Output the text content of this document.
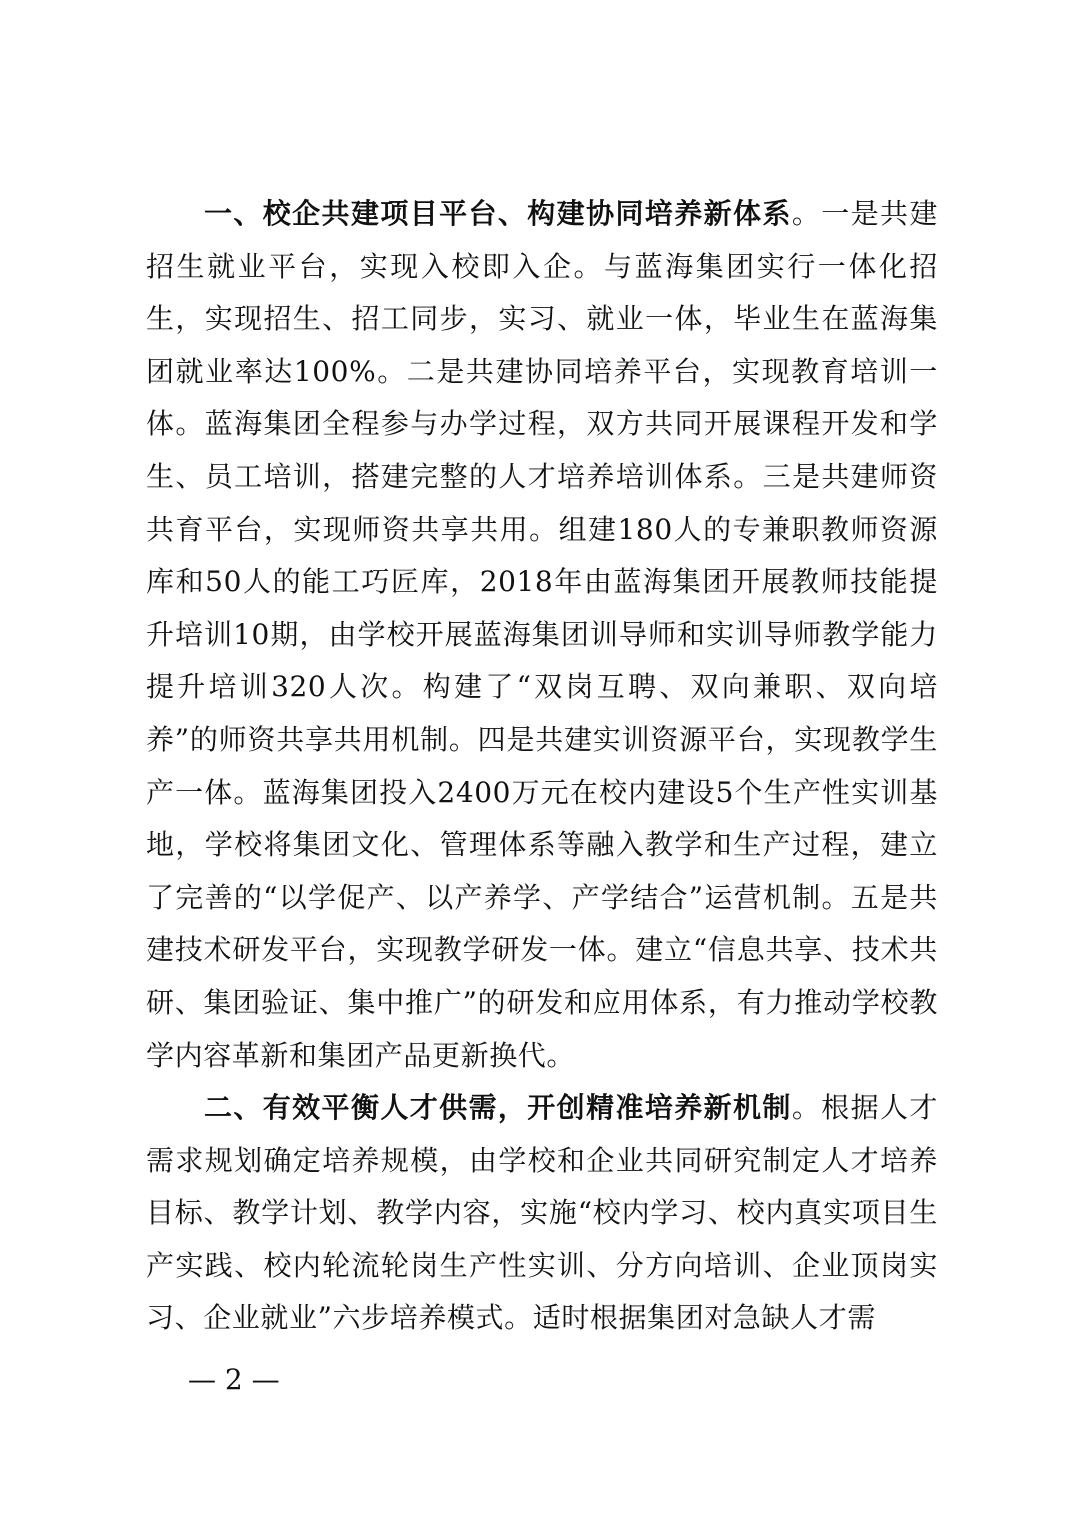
一、校企共建项目平台、构建协同培养新体系。一是共建招生就业平台，实现入校即入企。与蓝海集团实行一体化招生，实现招生、招工同步，实习、就业一体，毕业生在蓝海集团就业率达100%。二是共建协同培养平台，实现教育培训一体。蓝海集团全程参与办学过程，双方共同开展课程开发和学生、员工培训，搭建完整的人才培养培训体系。三是共建师资共育平台，实现师资共享共用。组建180人的专兼职教师资源库和50人的能工巧匠库，2018年由蓝海集团开展教师技能提升培训10期，由学校开展蓝海集团训导师和实训导师教学能力提升培训320人次。构建了“双岗互聘、双向兼职、双向培养”的师资共享共用机制。四是共建实训资源平台，实现教学生产一体。蓝海集团投入2400万元在校内建设5个生产性实训基地，学校将集团文化、管理体系等融入教学和生产过程，建立了完善的“以学促产、以产养学、产学结合”运营机制。五是共建技术研发平台，实现教学研发一体。建立“信息共享、技术共研、集团验证、集中推广”的研发和应用体系，有力推动学校教学内容革新和集团产品更新换代。

二、有效平衡人才供需，开创精准培养新机制。根据人才需求规划确定培养规模，由学校和企业共同研究制定人才培养目标、教学计划、教学内容，实施“校内学习、校内真实项目生产实践、校内轮流轮岗生产性实训、分方向培训、企业顶岗实习、企业就业”六步培养模式。适时根据集团对急缺人才需

— 2 —
